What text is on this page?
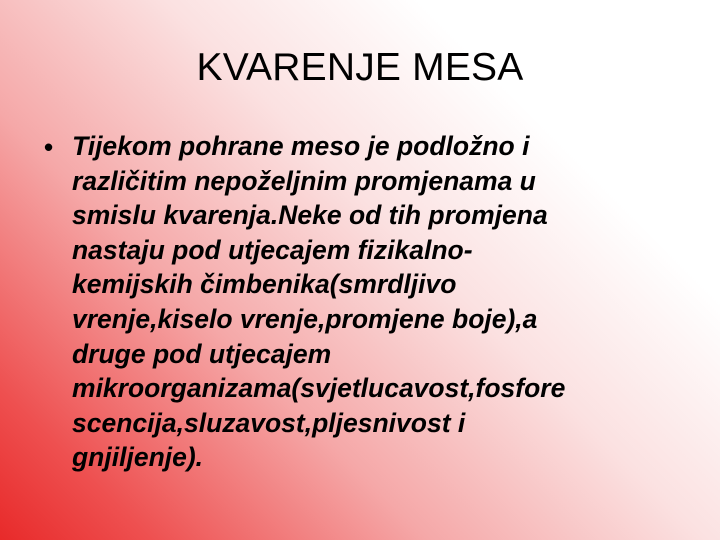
KVARENJE MESA
• Tijekom pohrane meso je podložno i
različitim nepoželjnim promjenama u
smislu kvarenja.Neke od tih promjena
nastaju pod utjecajem fizikalno-
kemijskih čimbenika(smrdljivo
vrenje,kiselo vrenje,promjene boje),a
druge pod utjecajem
mikroorganizama(svjetlucavost,fosfore
scencija,sluzavost,pljesnivost i
gnjiljenje).
